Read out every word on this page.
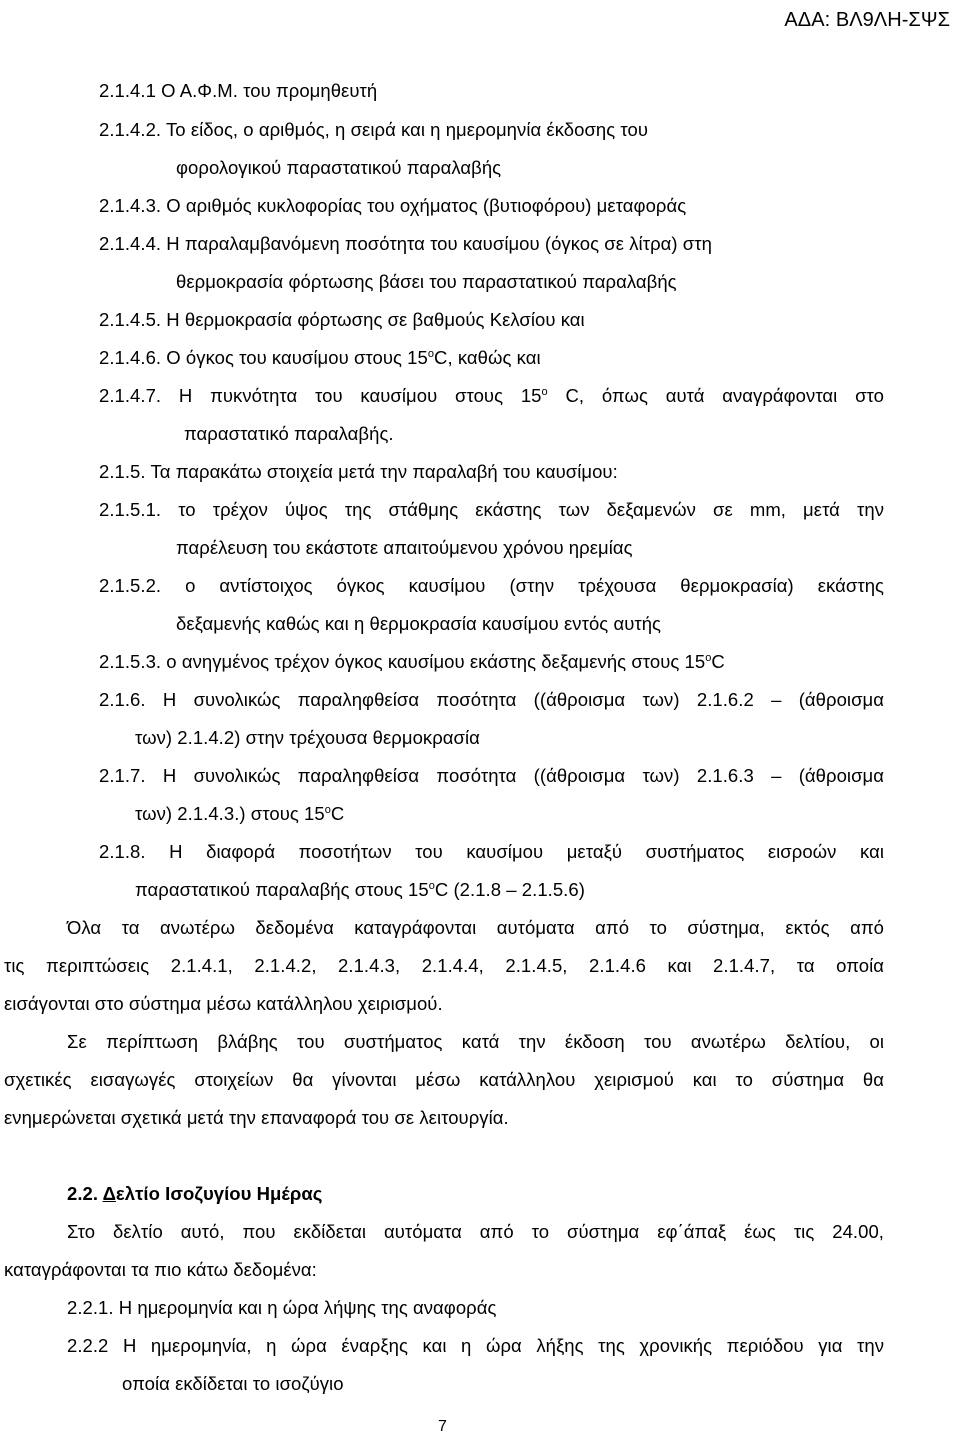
ΑΔΑ: ΒΛ9ΛΗ-ΣΨΣ
2.1.4.1 Ο Α.Φ.Μ. του προμηθευτή
2.1.4.2. Το είδος, ο αριθμός, η σειρά και η ημερομηνία έκδοσης του
φορολογικού παραστατικού παραλαβής
2.1.4.3. Ο αριθμός κυκλοφορίας του οχήματος (βυτιοφόρου) μεταφοράς
2.1.4.4. Η παραλαμβανόμενη ποσότητα του καυσίμου (όγκος σε λίτρα) στη
θερμοκρασία φόρτωσης βάσει του παραστατικού παραλαβής
2.1.4.5. Η θερμοκρασία φόρτωσης σε βαθμούς Κελσίου και
2.1.4.6. Ο όγκος του καυσίμου στους $15^oC$, καθώς και
2.1.4.7. Η πυκνότητα του καυσίμου στους $15^o$ C, όπως αυτά αναγράφονται στο
παραστατικό παραλαβής.
2.1.5. Τα παρακάτω στοιχεία μετά την παραλαβή του καυσίμου:
2.1.5.1. το τρέχον ύψος της στάθμης εκάστης των δεξαμενών σε mm, μετά την
παρέλευση του εκάστοτε απαιτούμενου χρόνου ηρεμίας
2.1.5.2. ο αντίστοιχος όγκος καυσίμου (στην τρέχουσα θερμοκρασία) εκάστης
δεξαμενής καθώς και η θερμοκρασία καυσίμου εντός αυτής
2.1.5.3. ο ανηγμένος τρέχον όγκος καυσίμου εκάστης δεξαμενής στους $15^oC$
2.1.6. Η συνολικώς παραληφθείσα ποσότητα ((άθροισμα των) 2.1.6.2 – (άθροισμα
των) 2.1.4.2) στην τρέχουσα θερμοκρασία
2.1.7. Η συνολικώς παραληφθείσα ποσότητα ((άθροισμα των) 2.1.6.3 – (άθροισμα
των) 2.1.4.3.) στους $15^oC$
2.1.8. Η διαφορά ποσοτήτων του καυσίμου μεταξύ συστήματος εισροών και
παραστατικού παραλαβής στους $15^oC$ (2.1.8 – 2.1.5.6)
Όλα τα ανωτέρω δεδομένα καταγράφονται αυτόματα από το σύστημα, εκτός από
τις περιπτώσεις 2.1.4.1, 2.1.4.2, 2.1.4.3, 2.1.4.4, 2.1.4.5, 2.1.4.6 και 2.1.4.7, τα οποία
εισάγονται στο σύστημα μέσω κατάλληλου χειρισμού.
Σε περίπτωση βλάβης του συστήματος κατά την έκδοση του ανωτέρω δελτίου, οι
σχετικές εισαγωγές στοιχείων θα γίνονται μέσω κατάλληλου χειρισμού και το σύστημα θα
ενημερώνεται σχετικά μετά την επαναφορά του σε λειτουργία.
2.2. Δελτίο Ισοζυγίου Ημέρας
Στο δελτίο αυτό, που εκδίδεται αυτόματα από το σύστημα εφ΄άπαξ έως τις 24.00,
καταγράφονται τα πιο κάτω δεδομένα:
2.2.1. Η ημερομηνία και η ώρα λήψης της αναφοράς
2.2.2 Η ημερομηνία, η ώρα έναρξης και η ώρα λήξης της χρονικής περιόδου για την
οποία εκδίδεται το ισοζύγιο
7
